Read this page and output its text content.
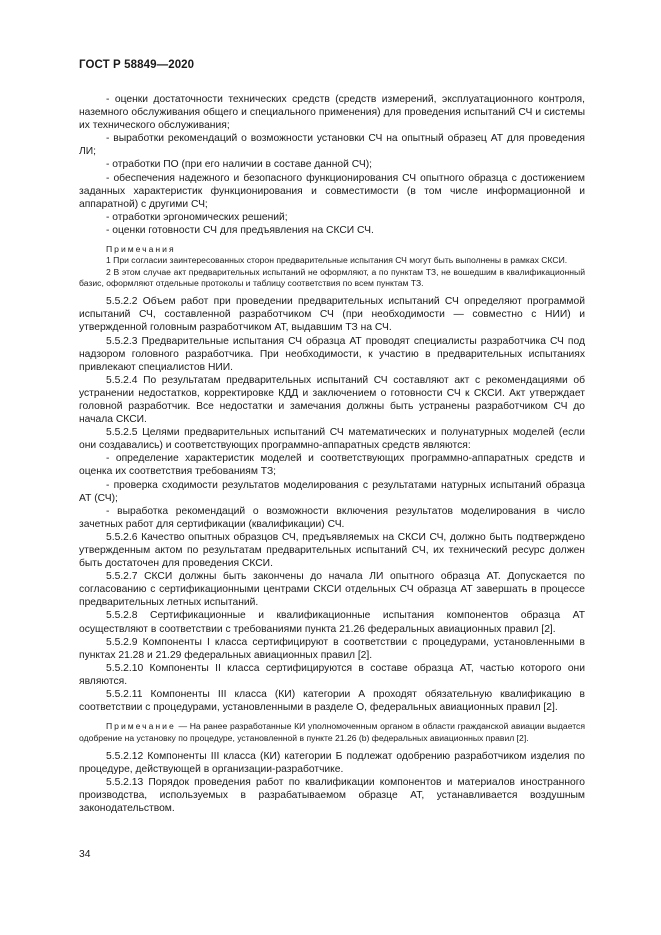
ГОСТ Р 58849—2020

- оценки достаточности технических средств (средств измерений, эксплуатационного контроля, наземного обслуживания общего и специального применения) для проведения испытаний СЧ и системы их технического обслуживания;

- выработки рекомендаций о возможности установки СЧ на опытный образец АТ для проведения ЛИ;

- отработки ПО (при его наличии в составе данной СЧ);

- обеспечения надежного и безопасного функционирования СЧ опытного образца с достижением заданных характеристик функционирования и совместимости (в том числе информационной и аппаратной) с другими СЧ;

- отработки эргономических решений;

- оценки готовности СЧ для предъявления на СКСИ СЧ.

Примечания

1 При согласии заинтересованных сторон предварительные испытания СЧ могут быть выполнены в рамках СКСИ.

2 В этом случае акт предварительных испытаний не оформляют, а по пунктам ТЗ, не вошедшим в квалификационный базис, оформляют отдельные протоколы и таблицу соответствия по всем пунктам ТЗ.

5.5.2.2 Объем работ при проведении предварительных испытаний СЧ определяют программой испытаний СЧ, составленной разработчиком СЧ (при необходимости — совместно с НИИ) и утвержденной головным разработчиком АТ, выдавшим ТЗ на СЧ.

5.5.2.3 Предварительные испытания СЧ образца АТ проводят специалисты разработчика СЧ под надзором головного разработчика. При необходимости, к участию в предварительных испытаниях привлекают специалистов НИИ.

5.5.2.4 По результатам предварительных испытаний СЧ составляют акт с рекомендациями об устранении недостатков, корректировке КДД и заключением о готовности СЧ к СКСИ. Акт утверждает головной разработчик. Все недостатки и замечания должны быть устранены разработчиком СЧ до начала СКСИ.

5.5.2.5 Целями предварительных испытаний СЧ математических и полунатурных моделей (если они создавались) и соответствующих программно-аппаратных средств являются:

- определение характеристик моделей и соответствующих программно-аппаратных средств и оценка их соответствия требованиям ТЗ;

- проверка сходимости результатов моделирования с результатами натурных испытаний образца АТ (СЧ);

- выработка рекомендаций о возможности включения результатов моделирования в число зачетных работ для сертификации (квалификации) СЧ.

5.5.2.6 Качество опытных образцов СЧ, предъявляемых на СКСИ СЧ, должно быть подтверждено утвержденным актом по результатам предварительных испытаний СЧ, их технический ресурс должен быть достаточен для проведения СКСИ.

5.5.2.7 СКСИ должны быть закончены до начала ЛИ опытного образца АТ. Допускается по согласованию с сертификационными центрами СКСИ отдельных СЧ образца АТ завершать в процессе предварительных летных испытаний.

5.5.2.8 Сертификационные и квалификационные испытания компонентов образца АТ осуществляют в соответствии с требованиями пункта 21.26 федеральных авиационных правил [2].

5.5.2.9 Компоненты I класса сертифицируют в соответствии с процедурами, установленными в пунктах 21.28 и 21.29 федеральных авиационных правил [2].

5.5.2.10 Компоненты II класса сертифицируются в составе образца АТ, частью которого они являются.

5.5.2.11 Компоненты III класса (КИ) категории А проходят обязательную квалификацию в соответствии с процедурами, установленными в разделе О, федеральных авиационных правил [2].

Примечание — На ранее разработанные КИ уполномоченным органом в области гражданской авиации выдается одобрение на установку по процедуре, установленной в пункте 21.26 (b) федеральных авиационных правил [2].

5.5.2.12 Компоненты III класса (КИ) категории Б подлежат одобрению разработчиком изделия по процедуре, действующей в организации-разработчике.

5.5.2.13 Порядок проведения работ по квалификации компонентов и материалов иностранного производства, используемых в разрабатываемом образце АТ, устанавливается воздушным законодательством.

34
